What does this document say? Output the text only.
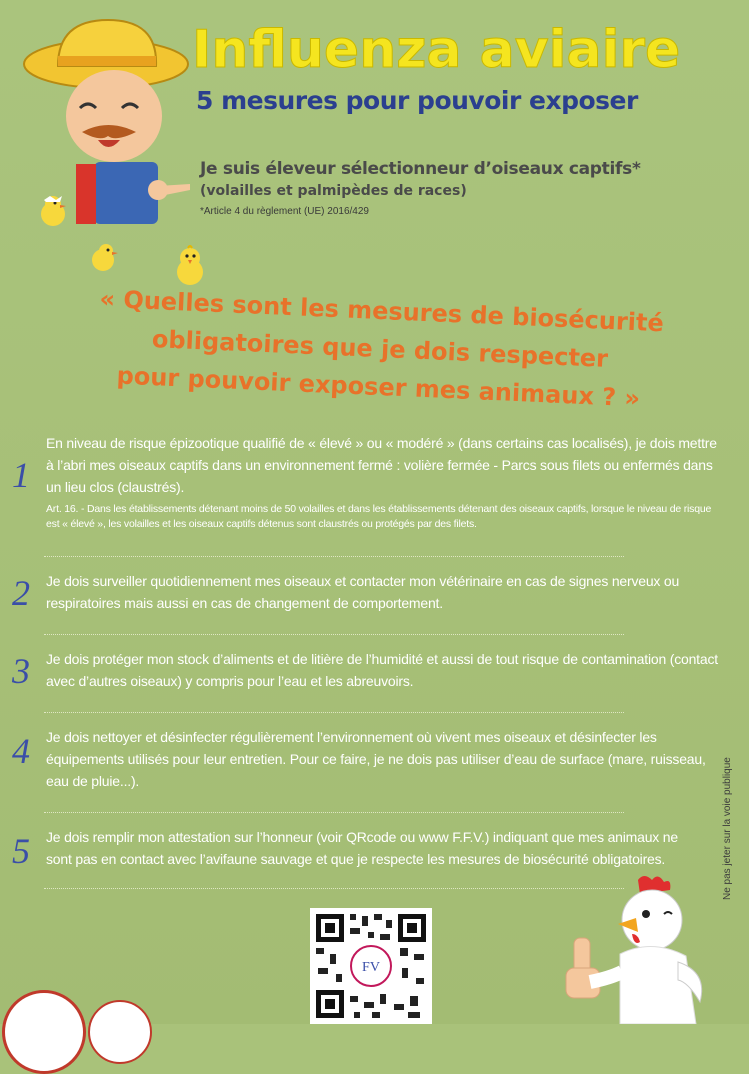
Influenza aviaire
5 mesures pour pouvoir exposer
Je suis éleveur sélectionneur d’oiseaux captifs*
(volailles et palmipèdes de races)
*Article 4 du règlement (UE) 2016/429
« Quelles sont les mesures de biosécurité
obligatoires que je dois respecter
pour pouvoir exposer mes animaux ? »
1
En niveau de risque épizootique qualifié de « élevé » ou « modéré » (dans certains cas localisés), je dois mettre à l’abri mes oiseaux captifs dans un environnement fermé : volière fermée - Parcs sous filets ou enfermés dans un lieu clos (claustrés).
Art. 16. - Dans les établissements détenant moins de 50 volailles et dans les établissements détenant des oiseaux captifs, lorsque le niveau de risque est « élevé », les volailles et les oiseaux captifs détenus sont claustrés ou protégés par des filets.
2	Je dois surveiller quotidiennement mes oiseaux et contacter mon vétérinaire en cas de signes nerveux ou respiratoires mais aussi en cas de changement de comportement.
3	Je dois protéger mon stock d’aliments et de litière de l’humidité et aussi de tout risque de contamination (contact avec d’autres oiseaux) y compris pour l’eau et les abreuvoirs.
4	Je dois nettoyer et désinfecter régulièrement l’environnement où vivent mes oiseaux et désinfecter les équipements utilisés pour leur entretien. Pour ce faire, je ne dois pas utiliser d’eau de surface (mare, ruisseau, eau de pluie...).
5	Je dois remplir mon attestation sur l’honneur (voir QRcode ou www F.F.V.) indiquant que mes animaux ne sont pas en contact avec l’avifaune sauvage et que je respecte les mesures de biosécurité obligatoires.	Ne pas jeter sur la voie publique
FV
